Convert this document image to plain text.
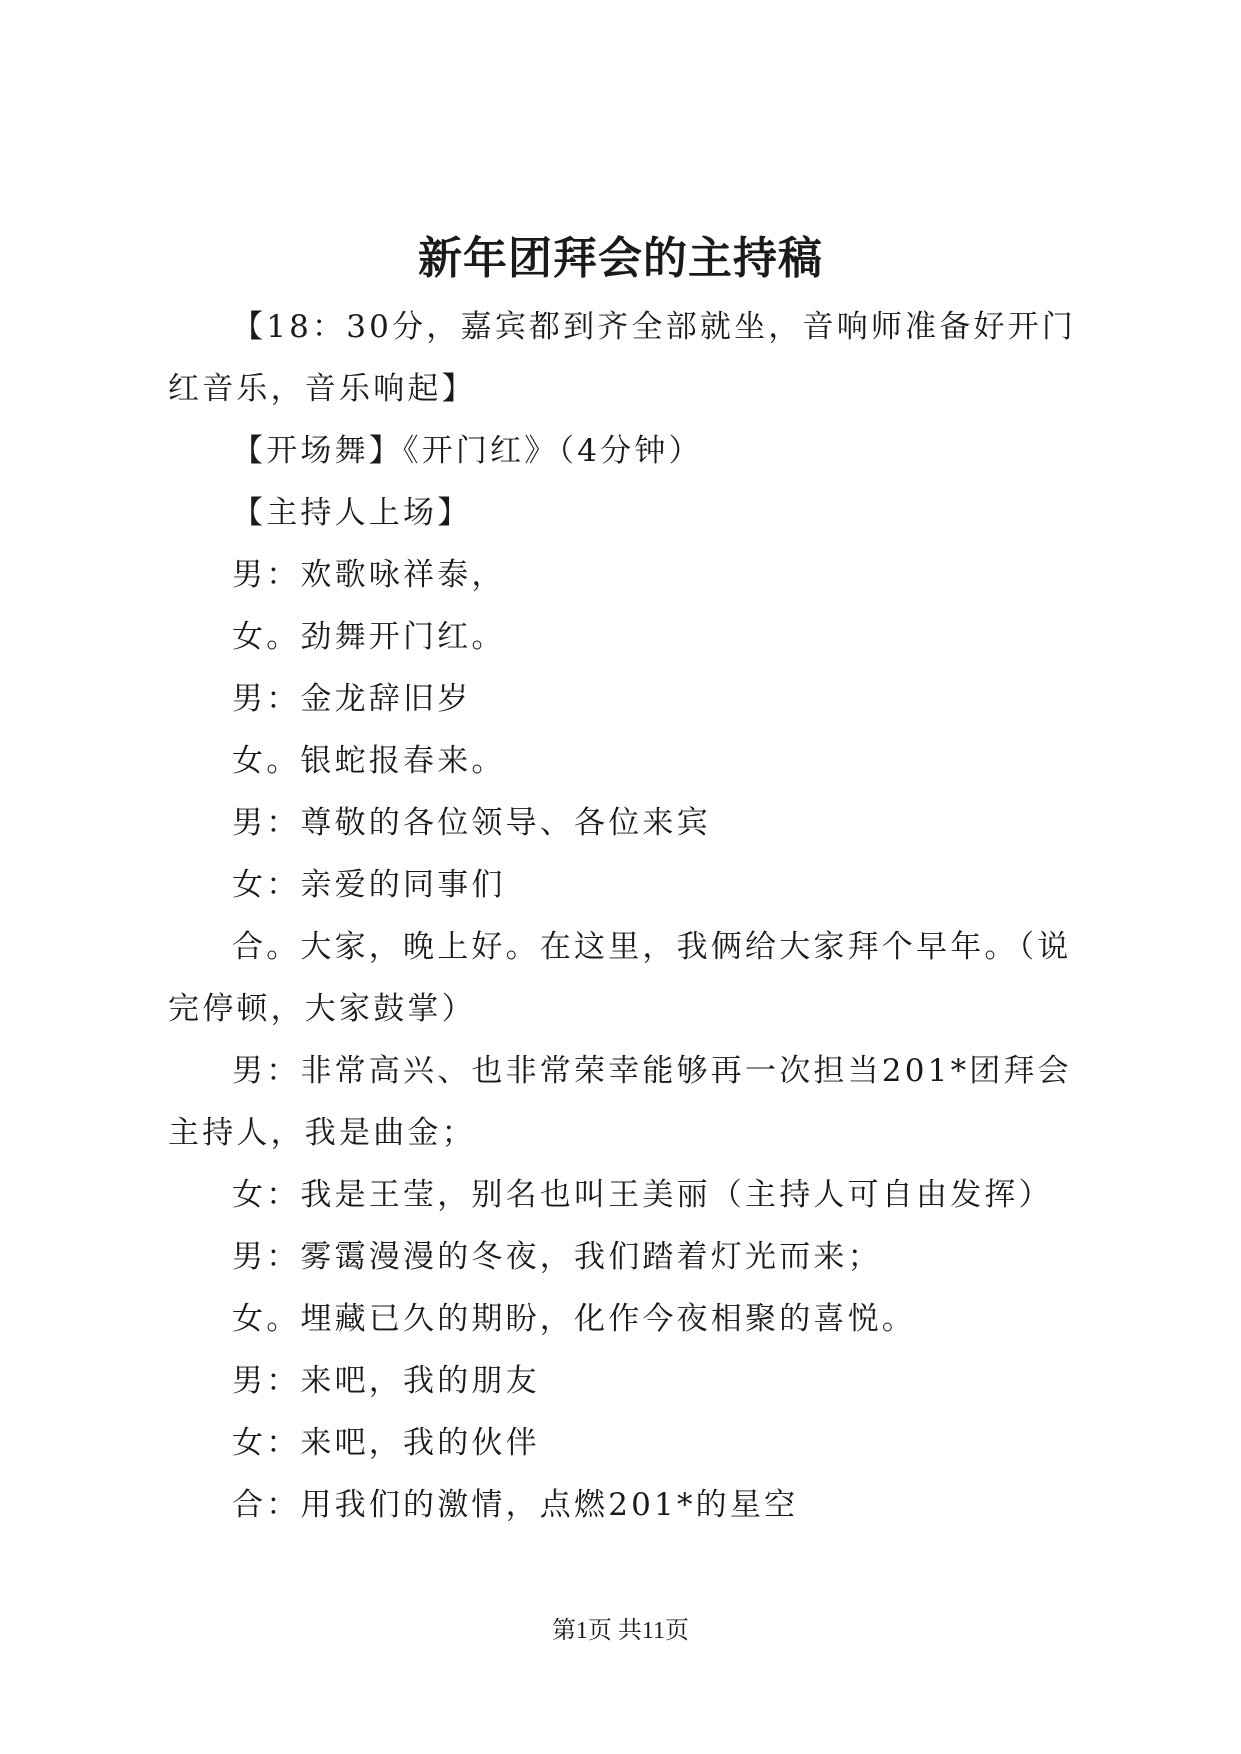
新年团拜会的主持稿

【18：30分，嘉宾都到齐全部就坐，音响师准备好开门红音乐，音乐响起】

【开场舞】《开门红》（4分钟）

【主持人上场】

男：欢歌咏祥泰，

女。劲舞开门红。

男：金龙辞旧岁

女。银蛇报春来。

男：尊敬的各位领导、各位来宾

女：亲爱的同事们

合。大家，晚上好。在这里，我俩给大家拜个早年。（说完停顿，大家鼓掌）

男：非常高兴、也非常荣幸能够再一次担当201*团拜会主持人，我是曲金；

女：我是王莹，别名也叫王美丽（主持人可自由发挥）

男：雾霭漫漫的冬夜，我们踏着灯光而来；

女。埋藏已久的期盼，化作今夜相聚的喜悦。

男：来吧，我的朋友

女：来吧，我的伙伴

合：用我们的激情，点燃201*的星空

第1页 共11页
